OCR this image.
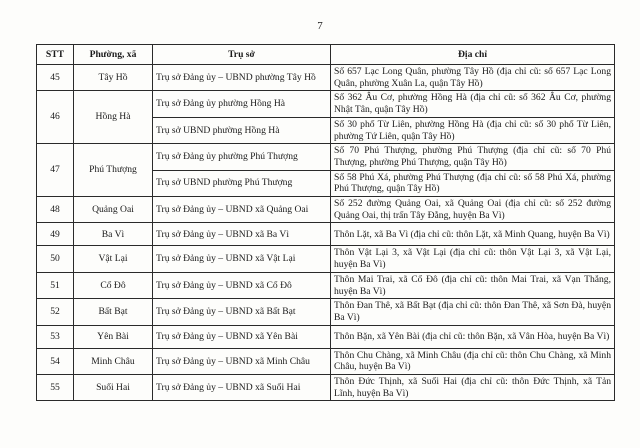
7
STT	Phường, xã	Trụ sở	Địa chỉ
45	Tây Hồ	Trụ sở Đảng ủy – UBND phường Tây Hồ	Số 657 Lạc Long Quân, phường Tây Hồ (địa chỉ cũ: số 657 Lạc Long Quân, phường Xuân La, quận Tây Hồ)
46	Hồng Hà	Trụ sở Đảng ủy phường Hồng Hà	Số 362 Âu Cơ, phường Hồng Hà (địa chỉ cũ: số 362 Âu Cơ, phường Nhật Tân, quận Tây Hồ)
		Trụ sở UBND phường Hồng Hà	Số 30 phố Từ Liên, phường Hồng Hà (địa chỉ cũ: số 30 phố Từ Liên, phường Tứ Liên, quận Tây Hồ)
47	Phú Thượng	Trụ sở Đảng ủy phường Phú Thượng	Số 70 Phú Thượng, phường Phú Thượng (địa chỉ cũ: số 70 Phú Thượng, phường Phú Thượng, quận Tây Hồ)
		Trụ sở UBND phường Phú Thượng	Số 58 Phú Xá, phường Phú Thượng (địa chỉ cũ: số 58 Phú Xá, phường Phú Thượng, quận Tây Hồ)
48	Quảng Oai	Trụ sở Đảng ủy – UBND xã Quảng Oai	Số 252 đường Quảng Oai, xã Quảng Oai (địa chỉ cũ: số 252 đường Quảng Oai, thị trấn Tây Đằng, huyện Ba Vì)
49	Ba Vì	Trụ sở Đảng ủy – UBND xã Ba Vì	Thôn Lặt, xã Ba Vì (địa chỉ cũ: thôn Lặt, xã Minh Quang, huyện Ba Vì)
50	Vật Lại	Trụ sở Đảng ủy – UBND xã Vật Lại	Thôn Vật Lại 3, xã Vật Lại (địa chỉ cũ: thôn Vật Lại 3, xã Vật Lại, huyện Ba Vì)
51	Cổ Đô	Trụ sở Đảng ủy – UBND xã Cổ Đô	Thôn Mai Trai, xã Cổ Đô (địa chỉ cũ: thôn Mai Trai, xã Vạn Thắng, huyện Ba Vì)
52	Bất Bạt	Trụ sở Đảng ủy – UBND xã Bất Bạt	Thôn Đan Thê, xã Bất Bạt (địa chỉ cũ: thôn Đan Thê, xã Sơn Đà, huyện Ba Vì)
53	Yên Bài	Trụ sở Đảng ủy – UBND xã Yên Bài	Thôn Bặn, xã Yên Bài (địa chỉ cũ: thôn Bặn, xã Vân Hòa, huyện Ba Vì)
54	Minh Châu	Trụ sở Đảng ủy – UBND xã Minh Châu	Thôn Chu Chàng, xã Minh Châu (địa chỉ cũ: thôn Chu Chàng, xã Minh Châu, huyện Ba Vì)
55	Suối Hai	Trụ sở Đảng ủy – UBND xã Suối Hai	Thôn Đức Thịnh, xã Suối Hai (địa chỉ cũ: thôn Đức Thịnh, xã Tản Lĩnh, huyện Ba Vì)
